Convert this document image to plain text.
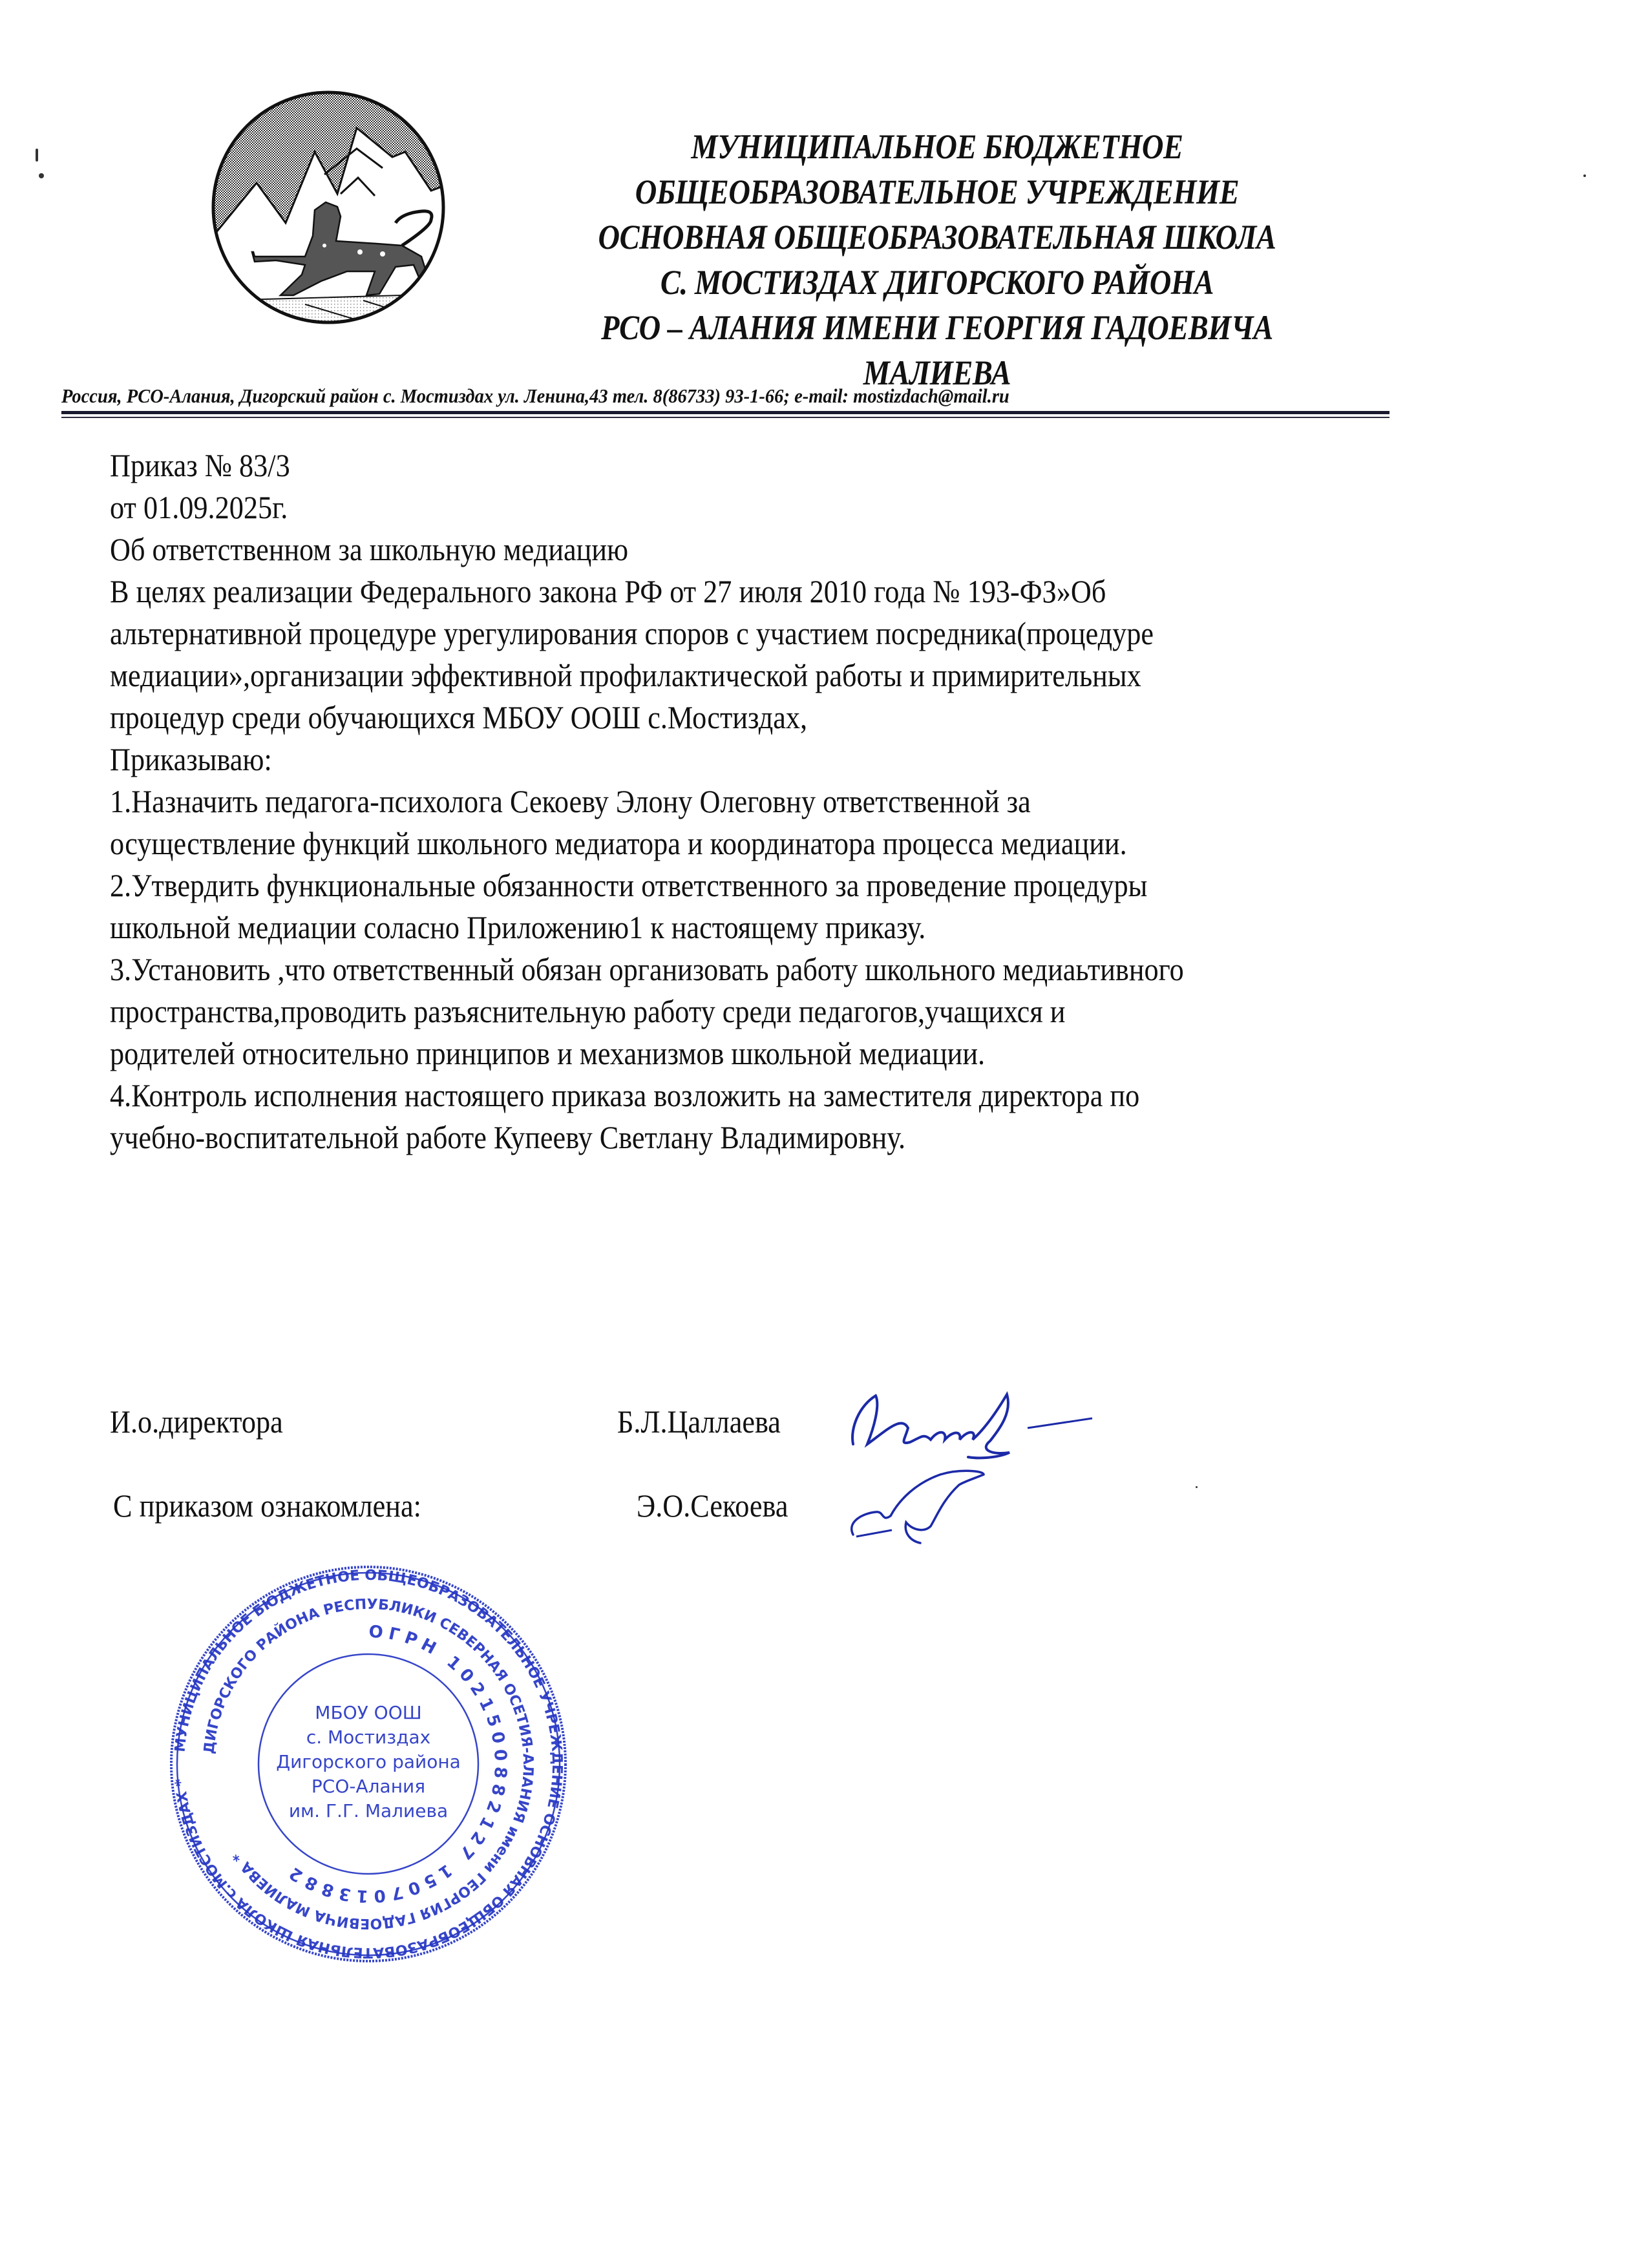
МУНИЦИПАЛЬНОЕ БЮДЖЕТНОЕ
ОБЩЕОБРАЗОВАТЕЛЬНОЕ УЧРЕЖДЕНИЕ
ОСНОВНАЯ ОБЩЕОБРАЗОВАТЕЛЬНАЯ ШКОЛА
С. МОСТИЗДАХ ДИГОРСКОГО РАЙОНА
РСО – АЛАНИЯ ИМЕНИ ГЕОРГИЯ ГАДОЕВИЧА
МАЛИЕВА
Россия, РСО-Алания, Дигорский район с. Мостиздах ул. Ленина,43 тел. 8(86733) 93-1-66; e-mail: mostizdach@mail.ru
Приказ № 83/3
от 01.09.2025г.
Об ответственном за школьную медиацию
В целях реализации Федерального закона РФ от 27 июля 2010 года № 193-ФЗ»Об
альтернативной процедуре урегулирования споров с участием посредника(процедуре
медиации»,организации эффективной профилактической работы и примирительных
процедур среди обучающихся МБОУ ООШ с.Мостиздах,
Приказываю:
1.Назначить педагога-психолога Секоеву Элону Олеговну ответственной за
осуществление функций школьного медиатора и координатора процесса медиации.
2.Утвердить функциональные обязанности ответственного за проведение процедуры
школьной медиации соласно Приложению1 к настоящему приказу.
3.Установить ,что ответственный обязан организовать работу школьного медиаьтивного
пространства,проводить разъяснительную работу среди педагогов,учащихся и
родителей относительно принципов и механизмов школьной медиации.
4.Контроль исполнения настоящего приказа возложить на заместителя директора по
учебно-воспитательной работе Купееву Светлану Владимировну.
И.о.директора	Б.Л.Цаллаева
С приказом ознакомлена:	Э.О.Секоева
МУНИЦИПАЛЬНОЕ БЮДЖЕТНОЕ ОБЩЕОБРАЗОВАТЕЛЬНОЕ УЧРЕЖДЕНИЕ ОСНОВНАЯ ОБЩЕОБРАЗОВАТЕЛЬНАЯ ШКОЛА с.МОСТИЗДАХ *
ДИГОРСКОГО РАЙОНА РЕСПУБЛИКИ СЕВЕРНАЯ ОСЕТИЯ-АЛАНИЯ имени ГЕОРГИЯ ГАДОЕВИЧА МАЛИЕВА *
ОГРН 1021500882127 1507013882
МБОУ ООШ
с. Мостиздах
Дигорского района
РСО-Алания
им. Г.Г. Малиева
